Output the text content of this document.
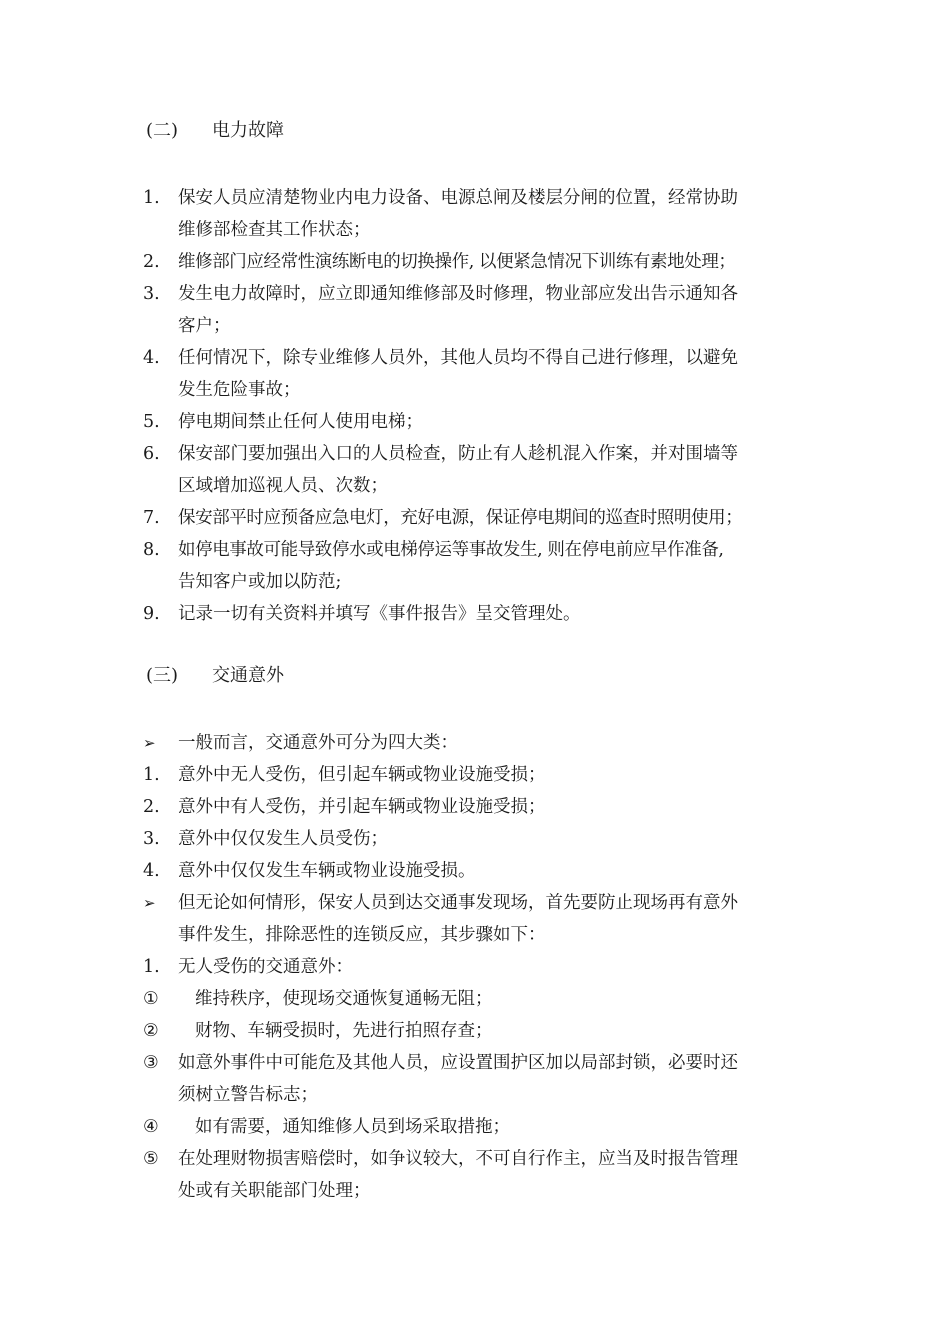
(二) 电力故障
1. 保安人员应清楚物业内电力设备、电源总闸及楼层分闸的位置，经常协助
维修部检查其工作状态；
2. 维修部门应经常性演练断电的切换操作, 以便紧急情况下训练有素地处理；
3. 发生电力故障时，应立即通知维修部及时修理，物业部应发出告示通知各
客户；
4. 任何情况下，除专业维修人员外，其他人员均不得自己进行修理，以避免
发生危险事故；
5. 停电期间禁止任何人使用电梯；
6. 保安部门要加强出入口的人员检查，防止有人趁机混入作案，并对围墙等
区域增加巡视人员、次数；
7. 保安部平时应预备应急电灯，充好电源，保证停电期间的巡查时照明使用；
8. 如停电事故可能导致停水或电梯停运等事故发生, 则在停电前应早作准备,
告知客户或加以防范;
9. 记录一切有关资料并填写《事件报告》呈交管理处。
(三) 交通意外
➢ 一般而言，交通意外可分为四大类：
1. 意外中无人受伤，但引起车辆或物业设施受损；
2. 意外中有人受伤，并引起车辆或物业设施受损；
3. 意外中仅仅发生人员受伤；
4. 意外中仅仅发生车辆或物业设施受损。
➢ 但无论如何情形，保安人员到达交通事发现场，首先要防止现场再有意外
事件发生，排除恶性的连锁反应，其步骤如下：
1. 无人受伤的交通意外：
① 维持秩序，使现场交通恢复通畅无阻；
② 财物、车辆受损时，先进行拍照存查；
③ 如意外事件中可能危及其他人员，应设置围护区加以局部封锁，必要时还
须树立警告标志；
④ 如有需要，通知维修人员到场采取措拖；
⑤ 在处理财物损害赔偿时，如争议较大，不可自行作主，应当及时报告管理
处或有关职能部门处理；
